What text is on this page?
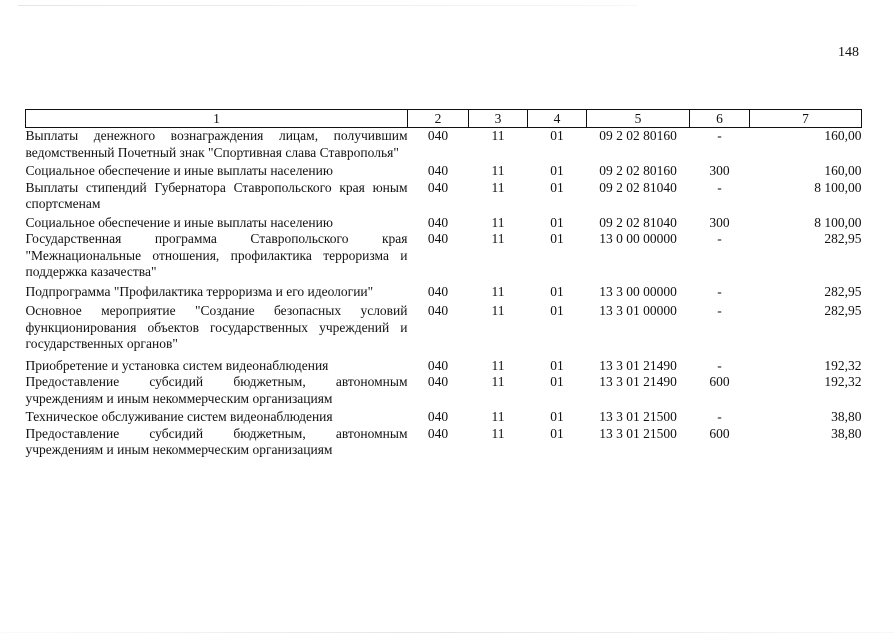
148
1	2	3	4	5	6	7
Выплаты денежного вознаграждения лицам, получившим ведомственный Почетный знак "Спортивная слава Ставрополья"	040	11	01	09 2 02 80160	-	160,00
Социальное обеспечение и иные выплаты населению	040	11	01	09 2 02 80160	300	160,00
Выплаты стипендий Губернатора Ставропольского края юным спортсменам	040	11	01	09 2 02 81040	-	8 100,00
Социальное обеспечение и иные выплаты населению	040	11	01	09 2 02 81040	300	8 100,00
Государственная программа Ставропольского края "Межнациональные отношения, профилактика терроризма и поддержка казачества"	040	11	01	13 0 00 00000	-	282,95
Подпрограмма "Профилактика терроризма и его идеологии"	040	11	01	13 3 00 00000	-	282,95
Основное мероприятие "Создание безопасных условий функционирования объектов государственных учреждений и государственных органов"	040	11	01	13 3 01 00000	-	282,95
Приобретение и установка систем видеонаблюдения	040	11	01	13 3 01 21490	-	192,32
Предоставление субсидий бюджетным, автономным учреждениям и иным некоммерческим организациям	040	11	01	13 3 01 21490	600	192,32
Техническое обслуживание систем видеонаблюдения	040	11	01	13 3 01 21500	-	38,80
Предоставление субсидий бюджетным, автономным учреждениям и иным некоммерческим организациям	040	11	01	13 3 01 21500	600	38,80
